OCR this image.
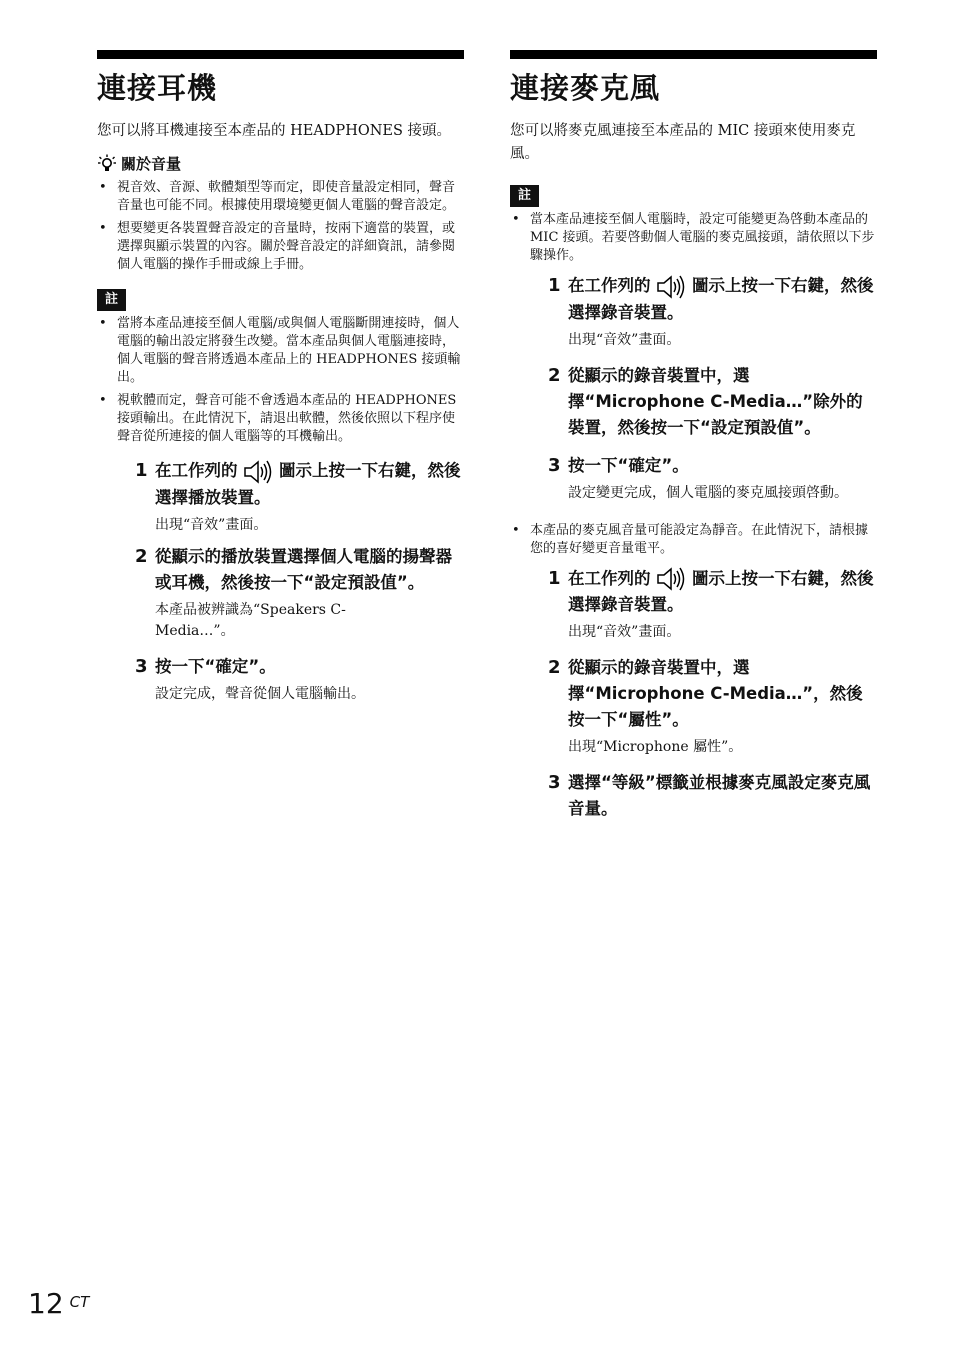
連接耳機

您可以將耳機連接至本產品的 HEADPHONES 接頭。

關於音量
• 視音效、音源、軟體類型等而定，即使音量設定相同，聲音音量也可能不同。根據使用環境變更個人電腦的聲音設定。
• 想要變更各裝置聲音設定的音量時，按兩下適當的裝置，或選擇與顯示裝置的內容。關於聲音設定的詳細資訊，請參閱個人電腦的操作手冊或線上手冊。
註
• 當將本產品連接至個人電腦/或與個人電腦斷開連接時，個人電腦的輸出設定將發生改變。當本產品與個人電腦連接時，個人電腦的聲音將透過本產品上的 HEADPHONES 接頭輸出。
• 視軟體而定，聲音可能不會透過本產品的 HEADPHONES 接頭輸出。在此情況下，請退出軟體，然後依照以下程序使聲音從所連接的個人電腦等的耳機輸出。
1 在工作列的	圖示上按一下右鍵，然後選擇播放裝置。
出現“音效”畫面。
2 從顯示的播放裝置選擇個人電腦的揚聲器或耳機，然後按一下“設定預設值”。
本產品被辨識為“Speakers C-Media…”。
3 按一下“確定”。
設定完成，聲音從個人電腦輸出。
連接麥克風

您可以將麥克風連接至本產品的 MIC 接頭來使用麥克風。

註
• 當本產品連接至個人電腦時，設定可能變更為啓動本產品的 MIC 接頭。若要啓動個人電腦的麥克風接頭，請依照以下步驟操作。
1 在工作列的	圖示上按一下右鍵，然後選擇錄音裝置。
出現“音效”畫面。
2 從顯示的錄音裝置中，選擇“Microphone C-Media…”除外的裝置，然後按一下“設定預設值”。
3 按一下“確定”。
設定變更完成，個人電腦的麥克風接頭啓動。
• 本產品的麥克風音量可能設定為靜音。在此情況下，請根據您的喜好變更音量電平。
1 在工作列的	圖示上按一下右鍵，然後選擇錄音裝置。
出現“音效”畫面。
2 從顯示的錄音裝置中，選擇“Microphone C-Media…”，然後按一下“屬性”。
出現“Microphone 屬性”。
3 選擇“等級”標籤並根據麥克風設定麥克風音量。
12 $^{CT}$
